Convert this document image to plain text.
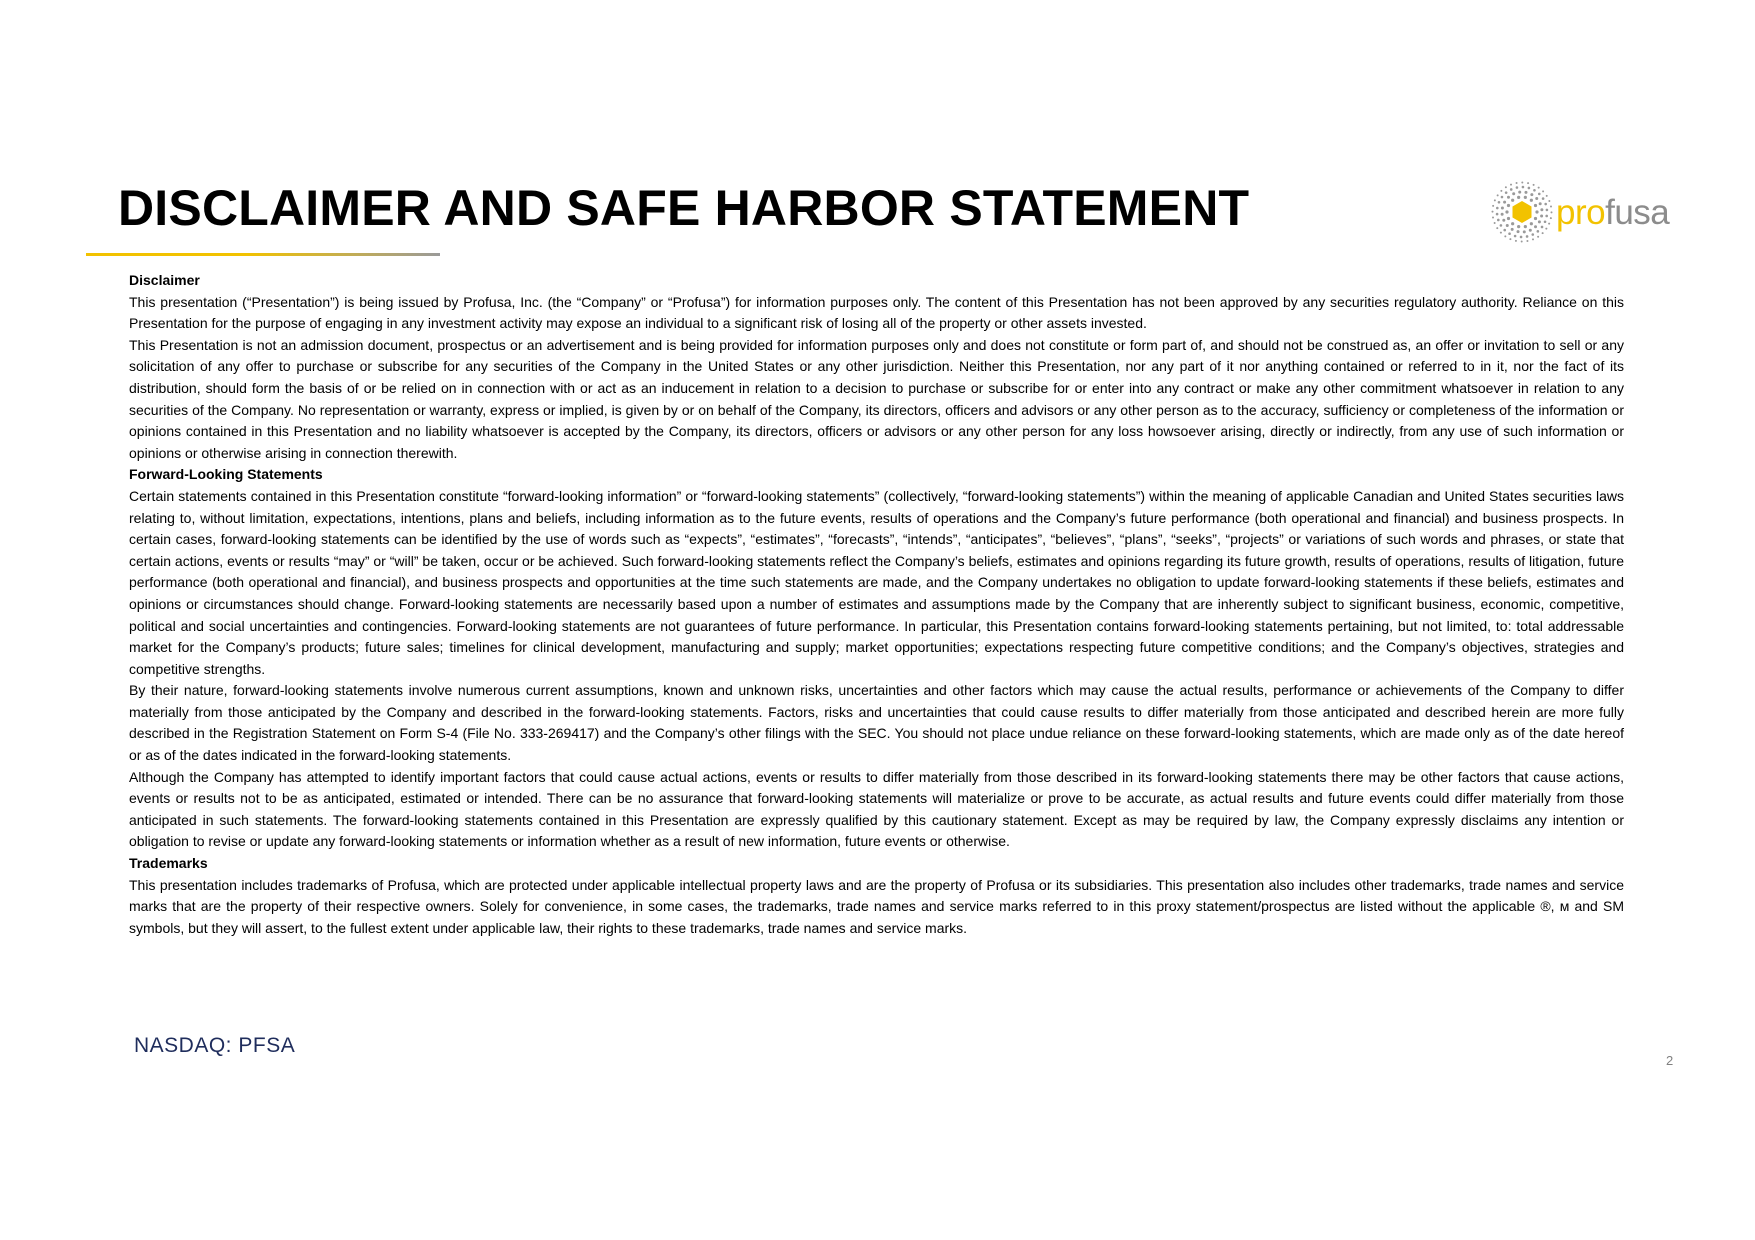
DISCLAIMER AND SAFE HARBOR STATEMENT	profusa
Disclaimer

This presentation (“Presentation”) is being issued by Profusa, Inc. (the “Company” or “Profusa”) for information purposes only. The content of this Presentation has not been approved by any securities regulatory authority. Reliance on this Presentation for the purpose of engaging in any investment activity may expose an individual to a significant risk of losing all of the property or other assets invested.

This Presentation is not an admission document, prospectus or an advertisement and is being provided for information purposes only and does not constitute or form part of, and should not be construed as, an offer or invitation to sell or any solicitation of any offer to purchase or subscribe for any securities of the Company in the United States or any other jurisdiction. Neither this Presentation, nor any part of it nor anything contained or referred to in it, nor the fact of its distribution, should form the basis of or be relied on in connection with or act as an inducement in relation to a decision to purchase or subscribe for or enter into any contract or make any other commitment whatsoever in relation to any securities of the Company. No representation or warranty, express or implied, is given by or on behalf of the Company, its directors, officers and advisors or any other person as to the accuracy, sufficiency or completeness of the information or opinions contained in this Presentation and no liability whatsoever is accepted by the Company, its directors, officers or advisors or any other person for any loss howsoever arising, directly or indirectly, from any use of such information or opinions or otherwise arising in connection therewith.

Forward-Looking Statements

Certain statements contained in this Presentation constitute “forward-looking information” or “forward-looking statements” (collectively, “forward-looking statements”) within the meaning of applicable Canadian and United States securities laws relating to, without limitation, expectations, intentions, plans and beliefs, including information as to the future events, results of operations and the Company’s future performance (both operational and financial) and business prospects. In certain cases, forward-looking statements can be identified by the use of words such as “expects”, “estimates”, “forecasts”, “intends”, “anticipates”, “believes”, “plans”, “seeks”, “projects” or variations of such words and phrases, or state that certain actions, events or results “may” or “will” be taken, occur or be achieved. Such forward-looking statements reflect the Company’s beliefs, estimates and opinions regarding its future growth, results of operations, results of litigation, future performance (both operational and financial), and business prospects and opportunities at the time such statements are made, and the Company undertakes no obligation to update forward-looking statements if these beliefs, estimates and opinions or circumstances should change. Forward-looking statements are necessarily based upon a number of estimates and assumptions made by the Company that are inherently subject to significant business, economic, competitive, political and social uncertainties and contingencies. Forward-looking statements are not guarantees of future performance. In particular, this Presentation contains forward-looking statements pertaining, but not limited, to: total addressable market for the Company’s products; future sales; timelines for clinical development, manufacturing and supply; market opportunities; expectations respecting future competitive conditions; and the Company’s objectives, strategies and competitive strengths.

By their nature, forward-looking statements involve numerous current assumptions, known and unknown risks, uncertainties and other factors which may cause the actual results, performance or achievements of the Company to differ materially from those anticipated by the Company and described in the forward-looking statements. Factors, risks and uncertainties that could cause results to differ materially from those anticipated and described herein are more fully described in the Registration Statement on Form S-4 (File No. 333-269417) and the Company’s other filings with the SEC. You should not place undue reliance on these forward-looking statements, which are made only as of the date hereof or as of the dates indicated in the forward-looking statements.

Although the Company has attempted to identify important factors that could cause actual actions, events or results to differ materially from those described in its forward-looking statements there may be other factors that cause actions, events or results not to be as anticipated, estimated or intended. There can be no assurance that forward-looking statements will materialize or prove to be accurate, as actual results and future events could differ materially from those anticipated in such statements. The forward-looking statements contained in this Presentation are expressly qualified by this cautionary statement. Except as may be required by law, the Company expressly disclaims any intention or obligation to revise or update any forward-looking statements or information whether as a result of new information, future events or otherwise.

Trademarks

This presentation includes trademarks of Profusa, which are protected under applicable intellectual property laws and are the property of Profusa or its subsidiaries. This presentation also includes other trademarks, trade names and service marks that are the property of their respective owners. Solely for convenience, in some cases, the trademarks, trade names and service marks referred to in this proxy statement/prospectus are listed without the applicable ®, ᴍ and SM symbols, but they will assert, to the fullest extent under applicable law, their rights to these trademarks, trade names and service marks.

NASDAQ: PFSA
2
